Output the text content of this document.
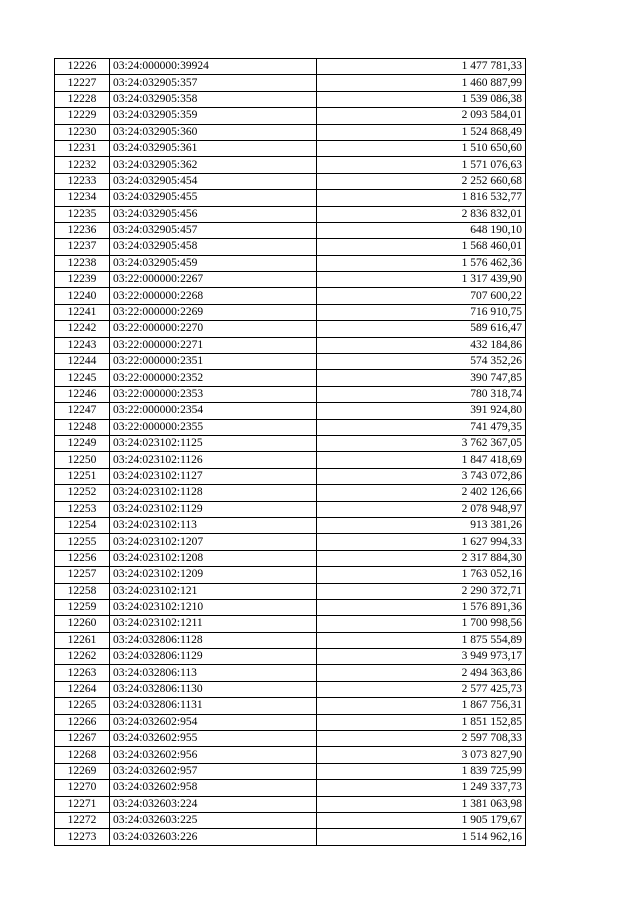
12226	03:24:000000:39924	1 477 781,33
12227	03:24:032905:357	1 460 887,99
12228	03:24:032905:358	1 539 086,38
12229	03:24:032905:359	2 093 584,01
12230	03:24:032905:360	1 524 868,49
12231	03:24:032905:361	1 510 650,60
12232	03:24:032905:362	1 571 076,63
12233	03:24:032905:454	2 252 660,68
12234	03:24:032905:455	1 816 532,77
12235	03:24:032905:456	2 836 832,01
12236	03:24:032905:457	648 190,10
12237	03:24:032905:458	1 568 460,01
12238	03:24:032905:459	1 576 462,36
12239	03:22:000000:2267	1 317 439,90
12240	03:22:000000:2268	707 600,22
12241	03:22:000000:2269	716 910,75
12242	03:22:000000:2270	589 616,47
12243	03:22:000000:2271	432 184,86
12244	03:22:000000:2351	574 352,26
12245	03:22:000000:2352	390 747,85
12246	03:22:000000:2353	780 318,74
12247	03:22:000000:2354	391 924,80
12248	03:22:000000:2355	741 479,35
12249	03:24:023102:1125	3 762 367,05
12250	03:24:023102:1126	1 847 418,69
12251	03:24:023102:1127	3 743 072,86
12252	03:24:023102:1128	2 402 126,66
12253	03:24:023102:1129	2 078 948,97
12254	03:24:023102:113	913 381,26
12255	03:24:023102:1207	1 627 994,33
12256	03:24:023102:1208	2 317 884,30
12257	03:24:023102:1209	1 763 052,16
12258	03:24:023102:121	2 290 372,71
12259	03:24:023102:1210	1 576 891,36
12260	03:24:023102:1211	1 700 998,56
12261	03:24:032806:1128	1 875 554,89
12262	03:24:032806:1129	3 949 973,17
12263	03:24:032806:113	2 494 363,86
12264	03:24:032806:1130	2 577 425,73
12265	03:24:032806:1131	1 867 756,31
12266	03:24:032602:954	1 851 152,85
12267	03:24:032602:955	2 597 708,33
12268	03:24:032602:956	3 073 827,90
12269	03:24:032602:957	1 839 725,99
12270	03:24:032602:958	1 249 337,73
12271	03:24:032603:224	1 381 063,98
12272	03:24:032603:225	1 905 179,67
12273	03:24:032603:226	1 514 962,16
